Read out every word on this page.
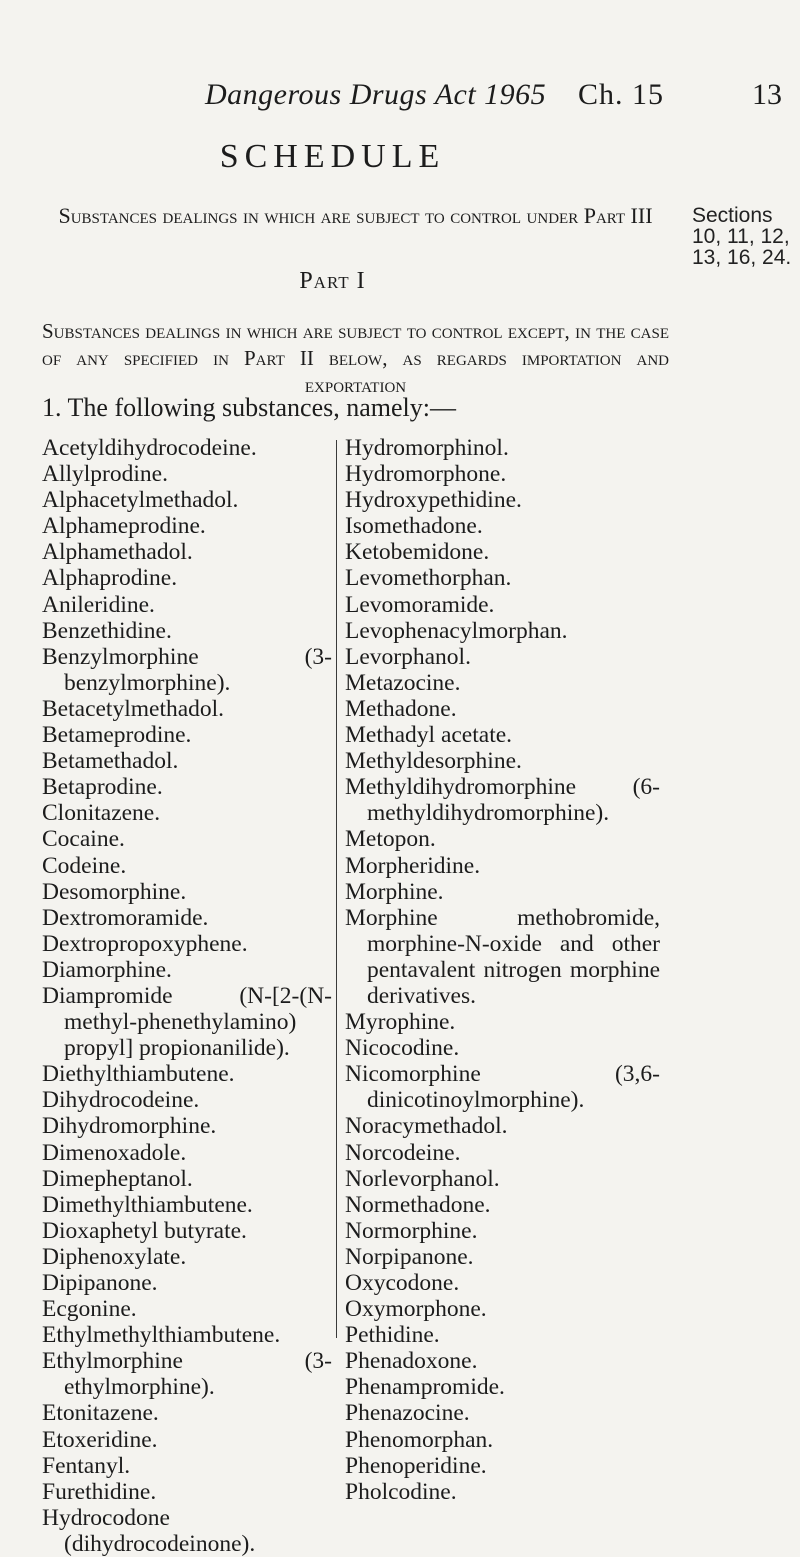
Dangerous Drugs Act 1965 Ch. 15	13
SCHEDULE
Substances dealings in which are subject to control under Part III	Sections 10, 11, 12, 13, 16, 24.
Part I
Substances dealings in which are subject to control except, in the case of any specified in Part II below, as regards importation and exportation
1. The following substances, namely:—
Acetyldihydrocodeine.
Allylprodine.
Alphacetylmethadol.
Alphameprodine.
Alphamethadol.
Alphaprodine.
Anileridine.
Benzethidine.
Benzylmorphine (3-benzylmorphine).
Betacetylmethadol.
Betameprodine.
Betamethadol.
Betaprodine.
Clonitazene.
Cocaine.
Codeine.
Desomorphine.
Dextromoramide.
Dextropropoxyphene.
Diamorphine.
Diampromide (N-[2-(N-methyl-phenethylamino) propyl] propionanilide).
Diethylthiambutene.
Dihydrocodeine.
Dihydromorphine.
Dimenoxadole.
Dimepheptanol.
Dimethylthiambutene.
Dioxaphetyl butyrate.
Diphenoxylate.
Dipipanone.
Ecgonine.
Ethylmethylthiambutene.
Ethylmorphine (3-ethylmorphine).
Etonitazene.
Etoxeridine.
Fentanyl.
Furethidine.
Hydrocodone (dihydrocodeinone).
Hydromorphinol.
Hydromorphone.
Hydroxypethidine.
Isomethadone.
Ketobemidone.
Levomethorphan.
Levomoramide.
Levophenacylmorphan.
Levorphanol.
Metazocine.
Methadone.
Methadyl acetate.
Methyldesorphine.
Methyldihydromorphine (6-methyldihydromorphine).
Metopon.
Morpheridine.
Morphine.
Morphine methobromide, morphine-N-oxide and other pentavalent nitrogen morphine derivatives.
Myrophine.
Nicocodine.
Nicomorphine (3,6-dinicotinoylmorphine).
Noracymethadol.
Norcodeine.
Norlevorphanol.
Normethadone.
Normorphine.
Norpipanone.
Oxycodone.
Oxymorphone.
Pethidine.
Phenadoxone.
Phenampromide.
Phenazocine.
Phenomorphan.
Phenoperidine.
Pholcodine.
